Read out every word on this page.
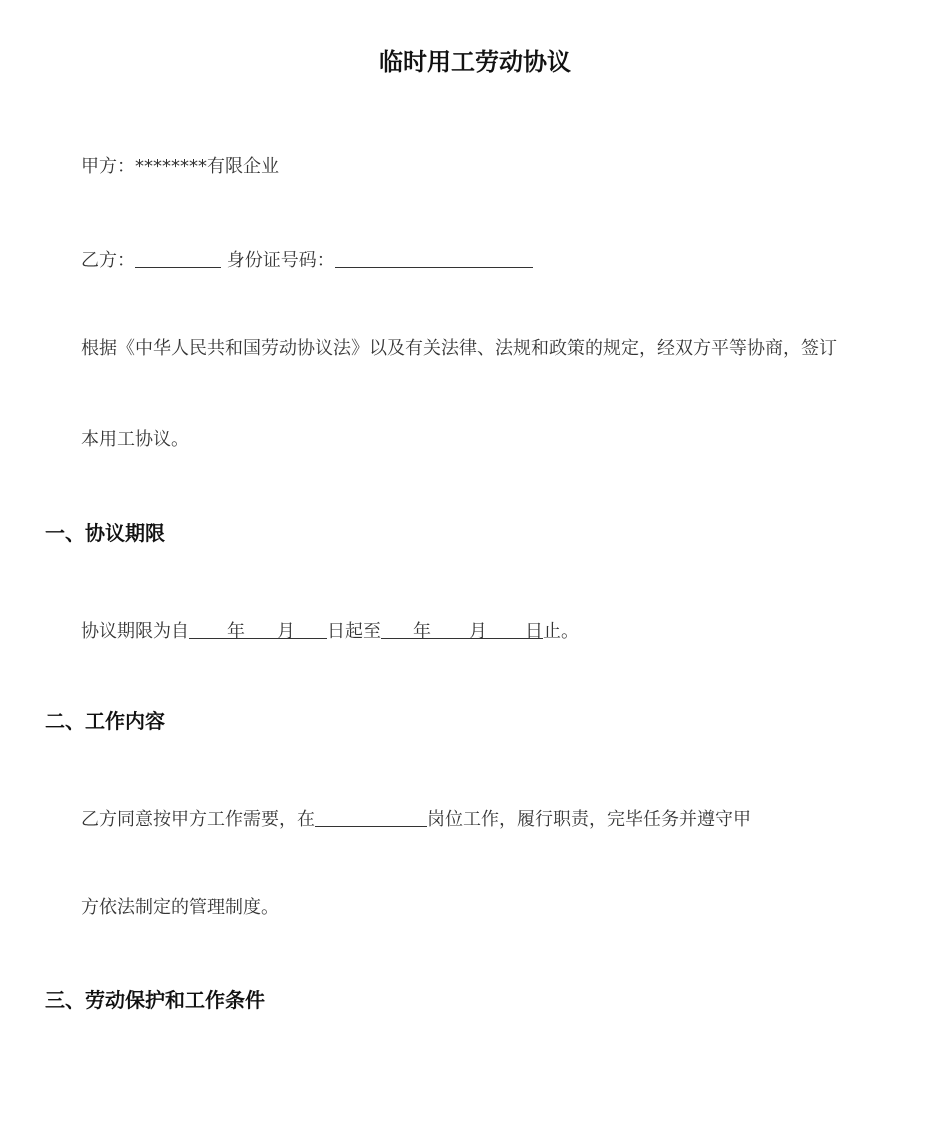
临时用工劳动协议
甲方：********有限企业
乙方：	身份证号码：
根据《中华人民共和国劳动协议法》以及有关法律、法规和政策的规定，经双方平等协商，签订
本用工协议。
一、协议期限
协议期限为自 年 月 日起至 年 月 日止。
二、工作内容
乙方同意按甲方工作需要，在	岗位工作，履行职责，完毕任务并遵守甲
方依法制定的管理制度。
三、劳动保护和工作条件
